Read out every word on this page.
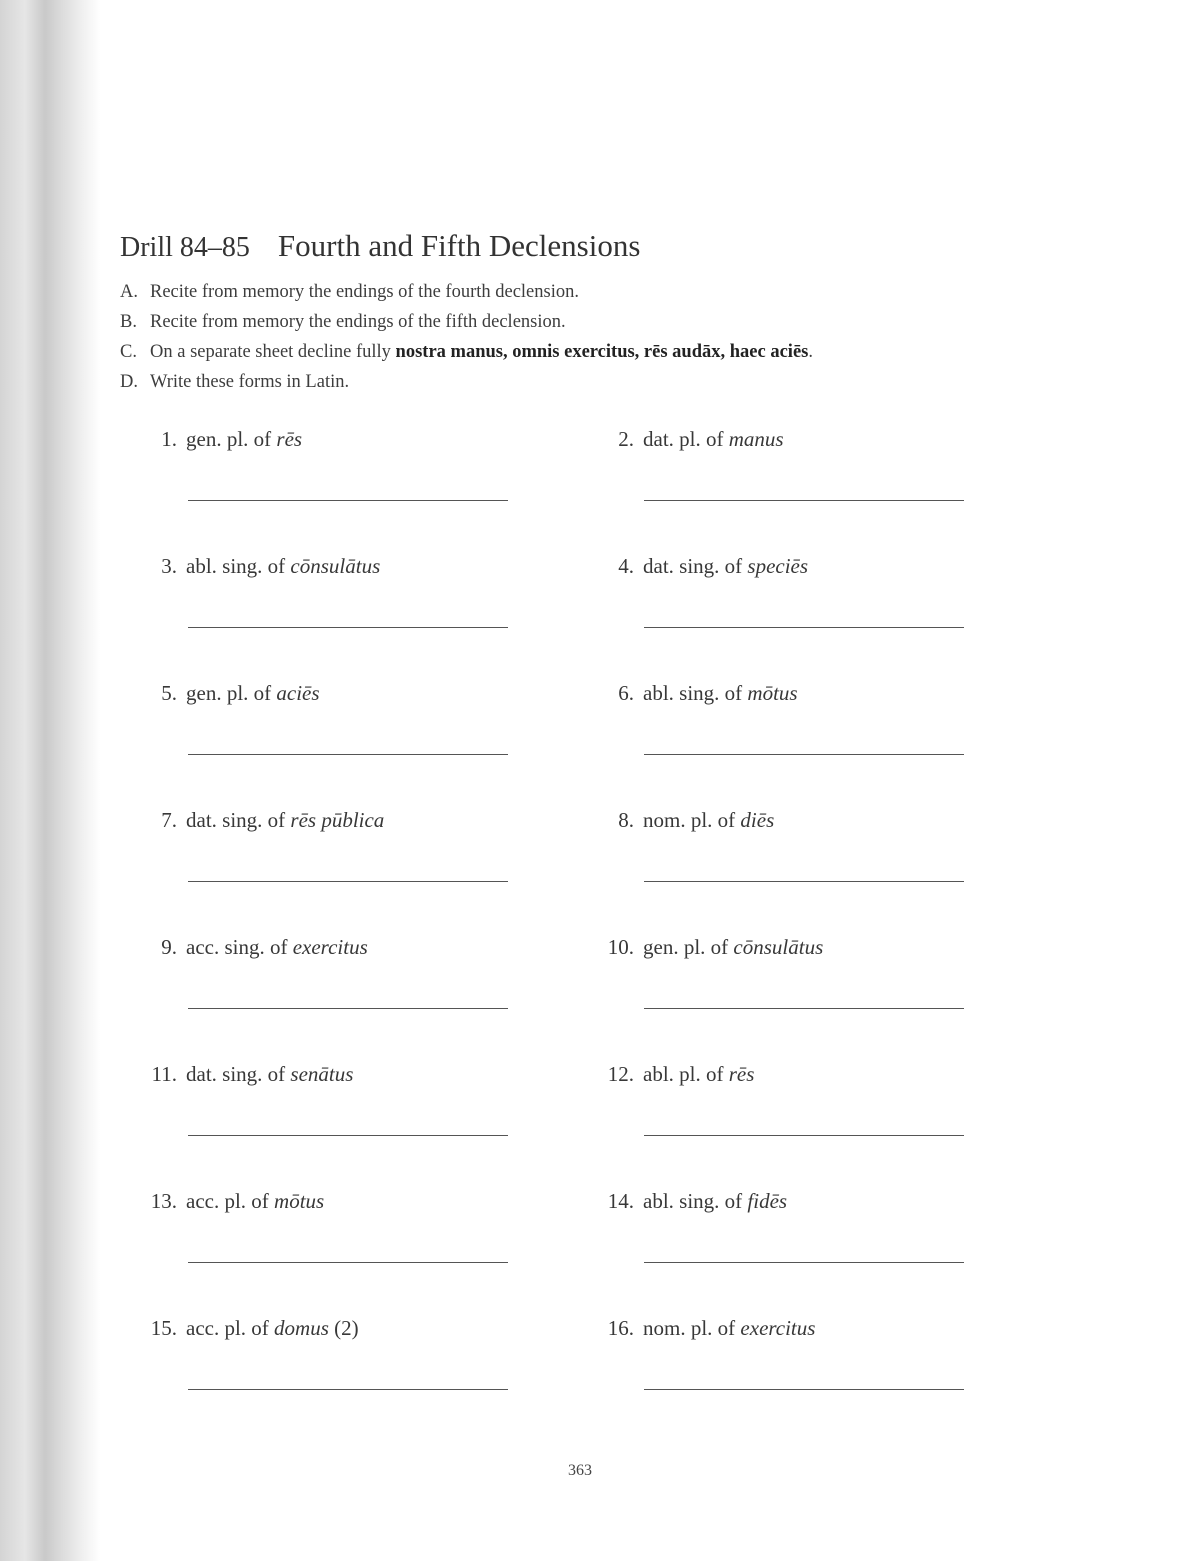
Drill 84–85 Fourth and Fifth Declensions
A. Recite from memory the endings of the fourth declension.
B. Recite from memory the endings of the fifth declension.
C. On a separate sheet decline fully nostra manus, omnis exercitus, rēs audāx, haec aciēs.
D. Write these forms in Latin.
1. gen. pl. of rēs	2. dat. pl. of manus
3. abl. sing. of cōnsulātus	4. dat. sing. of speciēs
5. gen. pl. of aciēs	6. abl. sing. of mōtus
7. dat. sing. of rēs pūblica	8. nom. pl. of diēs
9. acc. sing. of exercitus	10. gen. pl. of cōnsulātus
11. dat. sing. of senātus	12. abl. pl. of rēs
13. acc. pl. of mōtus	14. abl. sing. of fidēs
15. acc. pl. of domus (2)	16. nom. pl. of exercitus
363
